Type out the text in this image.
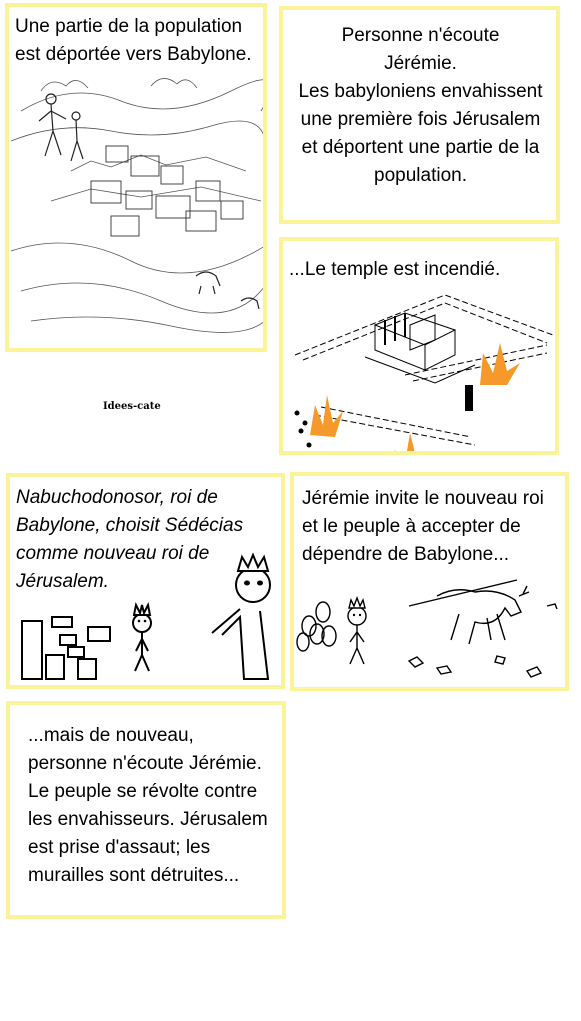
Une partie de la population
est déportée vers Babylone.
Personne n'écoute
Jérémie.
Les babyloniens envahissent
une première fois Jérusalem
et déportent une partie de la
population.
...Le temple est incendié.
Idees-cate
Nabuchodonosor, roi de
Babylone, choisit Sédécias
comme nouveau roi de
Jérusalem.
Jérémie invite le nouveau roi
et le peuple à accepter de
dépendre de Babylone...
...mais de nouveau,
personne n'écoute Jérémie.
Le peuple se révolte contre
les envahisseurs. Jérusalem
est prise d'assaut; les
murailles sont détruites...
